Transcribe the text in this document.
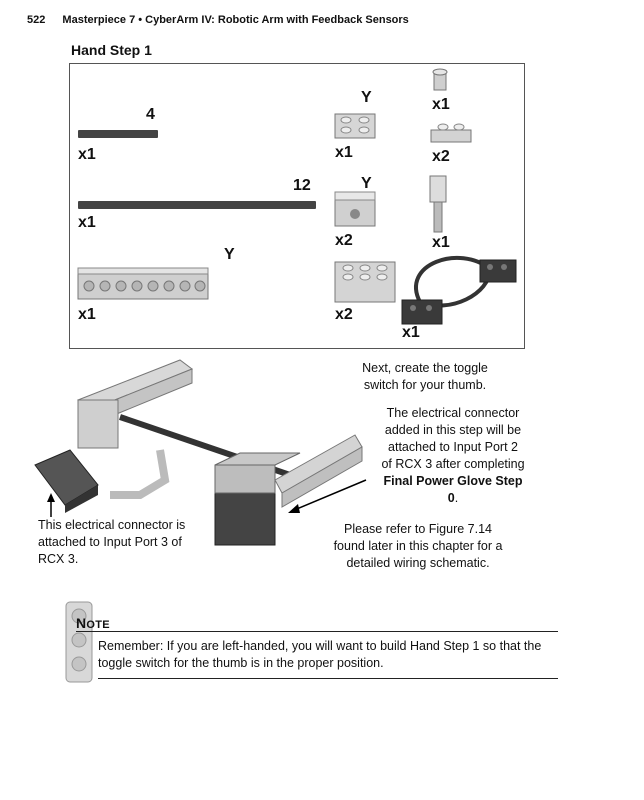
522 Masterpiece 7 • CyberArm IV: Robotic Arm with Feedback Sensors
Hand Step 1
4
x1
12
x1
Y
x1
Y
x1
Y
x2
x2
x1
x2
x1
x1
Next, create the toggle
switch for your thumb.
The electrical connector
added in this step will be
attached to Input Port 2
of RCX 3 after completing
Final Power Glove Step
0.
This electrical connector is
attached to Input Port 3 of
RCX 3.
Please refer to Figure 7.14
found later in this chapter for a
detailed wiring schematic.
NOTE
Remember: If you are left-handed, you will want to build Hand Step 1 so that the toggle switch for the thumb is in the proper position.
